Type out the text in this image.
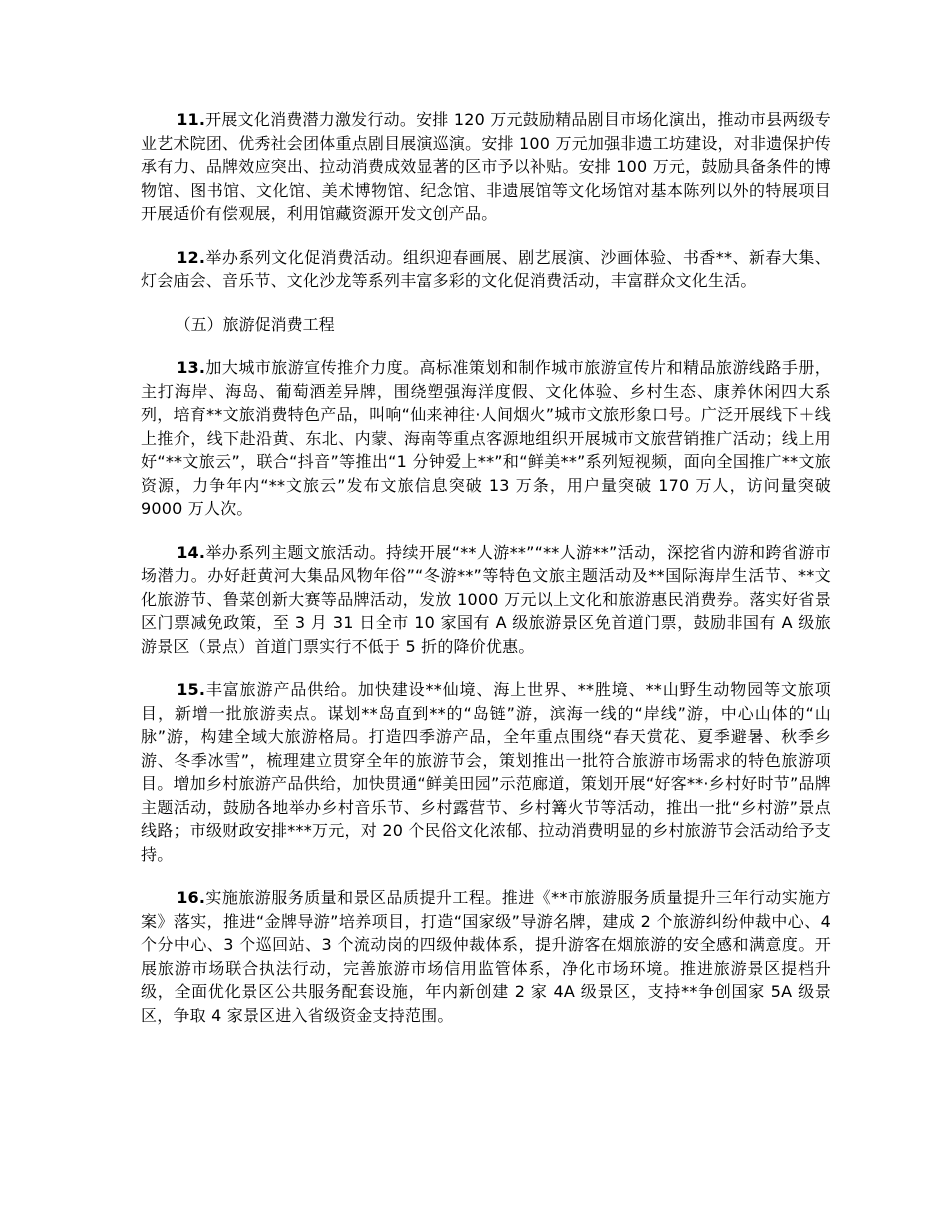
11.开展文化消费潜力激发行动。安排 120 万元鼓励精品剧目市场化演出，推动市县两级专业艺术院团、优秀社会团体重点剧目展演巡演。安排 100 万元加强非遗工坊建设，对非遗保护传承有力、品牌效应突出、拉动消费成效显著的区市予以补贴。安排 100 万元，鼓励具备条件的博物馆、图书馆、文化馆、美术博物馆、纪念馆、非遗展馆等文化场馆对基本陈列以外的特展项目开展适价有偿观展，利用馆藏资源开发文创产品。

12.举办系列文化促消费活动。组织迎春画展、剧艺展演、沙画体验、书香**、新春大集、灯会庙会、音乐节、文化沙龙等系列丰富多彩的文化促消费活动，丰富群众文化生活。

（五）旅游促消费工程

13.加大城市旅游宣传推介力度。高标准策划和制作城市旅游宣传片和精品旅游线路手册，主打海岸、海岛、葡萄酒差异牌，围绕塑强海洋度假、文化体验、乡村生态、康养休闲四大系列，培育**文旅消费特色产品，叫响“仙来神往·人间烟火”城市文旅形象口号。广泛开展线下＋线上推介，线下赴沿黄、东北、内蒙、海南等重点客源地组织开展城市文旅营销推广活动；线上用好“**文旅云”，联合“抖音”等推出“1 分钟爱上**”和“鲜美**”系列短视频，面向全国推广**文旅资源，力争年内“**文旅云”发布文旅信息突破 13 万条，用户量突破 170 万人，访问量突破 9000 万人次。

14.举办系列主题文旅活动。持续开展“**人游**”“**人游**”活动，深挖省内游和跨省游市场潜力。办好赶黄河大集品风物年俗”“冬游**”等特色文旅主题活动及**国际海岸生活节、**文化旅游节、鲁菜创新大赛等品牌活动，发放 1000 万元以上文化和旅游惠民消费券。落实好省景区门票减免政策，至 3 月 31 日全市 10 家国有 A 级旅游景区免首道门票，鼓励非国有 A 级旅游景区（景点）首道门票实行不低于 5 折的降价优惠。

15.丰富旅游产品供给。加快建设**仙境、海上世界、**胜境、**山野生动物园等文旅项目，新增一批旅游卖点。谋划**岛直到**的“岛链”游，滨海一线的“岸线”游，中心山体的“山脉”游，构建全域大旅游格局。打造四季游产品，全年重点围绕“春天赏花、夏季避暑、秋季乡游、冬季冰雪”，梳理建立贯穿全年的旅游节会，策划推出一批符合旅游市场需求的特色旅游项目。增加乡村旅游产品供给，加快贯通“鲜美田园”示范廊道，策划开展“好客**·乡村好时节”品牌主题活动，鼓励各地举办乡村音乐节、乡村露营节、乡村篝火节等活动，推出一批“乡村游”景点线路；市级财政安排***万元，对 20 个民俗文化浓郁、拉动消费明显的乡村旅游节会活动给予支持。

16.实施旅游服务质量和景区品质提升工程。推进《**市旅游服务质量提升三年行动实施方案》落实，推进“金牌导游”培养项目，打造“国家级”导游名牌，建成 2 个旅游纠纷仲裁中心、4 个分中心、3 个巡回站、3 个流动岗的四级仲裁体系，提升游客在烟旅游的安全感和满意度。开展旅游市场联合执法行动，完善旅游市场信用监管体系，净化市场环境。推进旅游景区提档升级，全面优化景区公共服务配套设施，年内新创建 2 家 4A 级景区，支持**争创国家 5A 级景区，争取 4 家景区进入省级资金支持范围。
